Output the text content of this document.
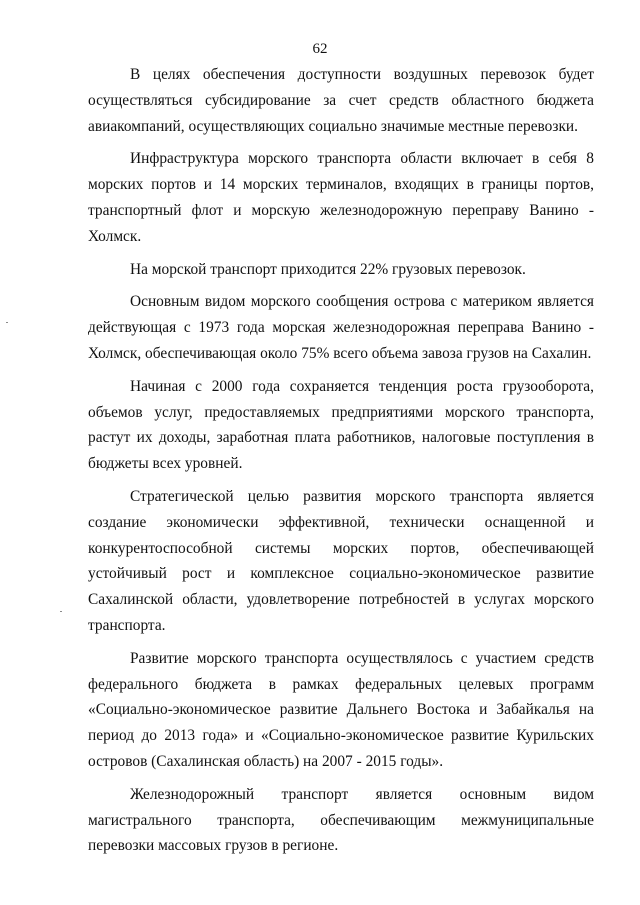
62

В целях обеспечения доступности воздушных перевозок будет осуществляться субсидирование за счет средств областного бюджета авиакомпаний, осуществляющих социально значимые местные перевозки.

Инфраструктура морского транспорта области включает в себя 8 морских портов и 14 морских терминалов, входящих в границы портов, транспортный флот и морскую железнодорожную переправу Ванино - Холмск.

На морской транспорт приходится 22% грузовых перевозок.

Основным видом морского сообщения острова с материком является действующая с 1973 года морская железнодорожная переправа Ванино - Холмск, обеспечивающая около 75% всего объема завоза грузов на Сахалин.

Начиная с 2000 года сохраняется тенденция роста грузооборота, объемов услуг, предоставляемых предприятиями морского транспорта, растут их доходы, заработная плата работников, налоговые поступления в бюджеты всех уровней.

Стратегической целью развития морского транспорта является создание экономически эффективной, технически оснащенной и конкурентоспособной системы морских портов, обеспечивающей устойчивый рост и комплексное социально-экономическое развитие Сахалинской области, удовлетворение потребностей в услугах морского транспорта.

Развитие морского транспорта осуществлялось с участием средств федерального бюджета в рамках федеральных целевых программ «Социально-экономическое развитие Дальнего Востока и Забайкалья на период до 2013 года» и «Социально-экономическое развитие Курильских островов (Сахалинская область) на 2007 - 2015 годы».

Железнодорожный транспорт является основным видом магистрального транспорта, обеспечивающим межмуниципальные перевозки массовых грузов в регионе.
